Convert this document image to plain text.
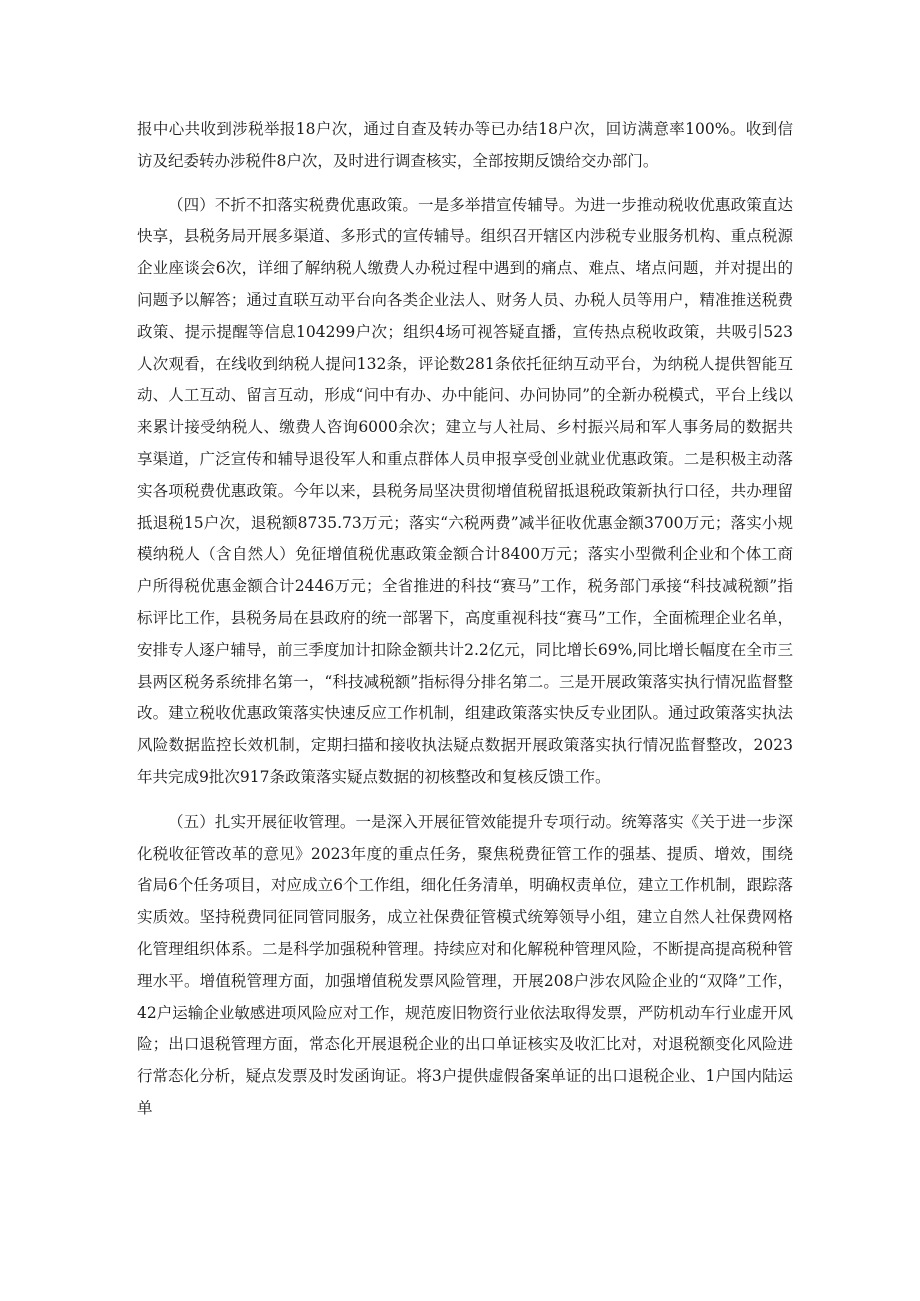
报中心共收到涉税举报18户次，通过自查及转办等已办结18户次，回访满意率100%。收到信访及纪委转办涉税件8户次，及时进行调查核实，全部按期反馈给交办部门。

（四）不折不扣落实税费优惠政策。一是多举措宣传辅导。为进一步推动税收优惠政策直达快享，县税务局开展多渠道、多形式的宣传辅导。组织召开辖区内涉税专业服务机构、重点税源企业座谈会6次，详细了解纳税人缴费人办税过程中遇到的痛点、难点、堵点问题，并对提出的问题予以解答；通过直联互动平台向各类企业法人、财务人员、办税人员等用户，精准推送税费政策、提示提醒等信息104299户次；组织4场可视答疑直播，宣传热点税收政策，共吸引523人次观看，在线收到纳税人提问132条，评论数281条依托征纳互动平台，为纳税人提供智能互动、人工互动、留言互动，形成“问中有办、办中能问、办问协同”的全新办税模式，平台上线以来累计接受纳税人、缴费人咨询6000余次；建立与人社局、乡村振兴局和军人事务局的数据共享渠道，广泛宣传和辅导退役军人和重点群体人员申报享受创业就业优惠政策。二是积极主动落实各项税费优惠政策。今年以来，县税务局坚决贯彻增值税留抵退税政策新执行口径，共办理留抵退税15户次，退税额8735.73万元；落实“六税两费”减半征收优惠金额3700万元；落实小规模纳税人（含自然人）免征增值税优惠政策金额合计8400万元；落实小型微利企业和个体工商户所得税优惠金额合计2446万元；全省推进的科技“赛马”工作，税务部门承接“科技减税额”指标评比工作，县税务局在县政府的统一部署下，高度重视科技“赛马”工作，全面梳理企业名单，安排专人逐户辅导，前三季度加计扣除金额共计2.2亿元，同比增长69%,同比增长幅度在全市三县两区税务系统排名第一，“科技减税额”指标得分排名第二。三是开展政策落实执行情况监督整改。建立税收优惠政策落实快速反应工作机制，组建政策落实快反专业团队。通过政策落实执法风险数据监控长效机制，定期扫描和接收执法疑点数据开展政策落实执行情况监督整改，2023年共完成9批次917条政策落实疑点数据的初核整改和复核反馈工作。

（五）扎实开展征收管理。一是深入开展征管效能提升专项行动。统筹落实《关于进一步深化税收征管改革的意见》2023年度的重点任务，聚焦税费征管工作的强基、提质、增效，围绕省局6个任务项目，对应成立6个工作组，细化任务清单，明确权责单位，建立工作机制，跟踪落实质效。坚持税费同征同管同服务，成立社保费征管模式统筹领导小组，建立自然人社保费网格化管理组织体系。二是科学加强税种管理。持续应对和化解税种管理风险，不断提高提高税种管理水平。增值税管理方面，加强增值税发票风险管理，开展208户涉农风险企业的“双降”工作，42户运输企业敏感进项风险应对工作，规范废旧物资行业依法取得发票，严防机动车行业虚开风险；出口退税管理方面，常态化开展退税企业的出口单证核实及收汇比对，对退税额变化风险进行常态化分析，疑点发票及时发函询证。将3户提供虚假备案单证的出口退税企业、1户国内陆运单
